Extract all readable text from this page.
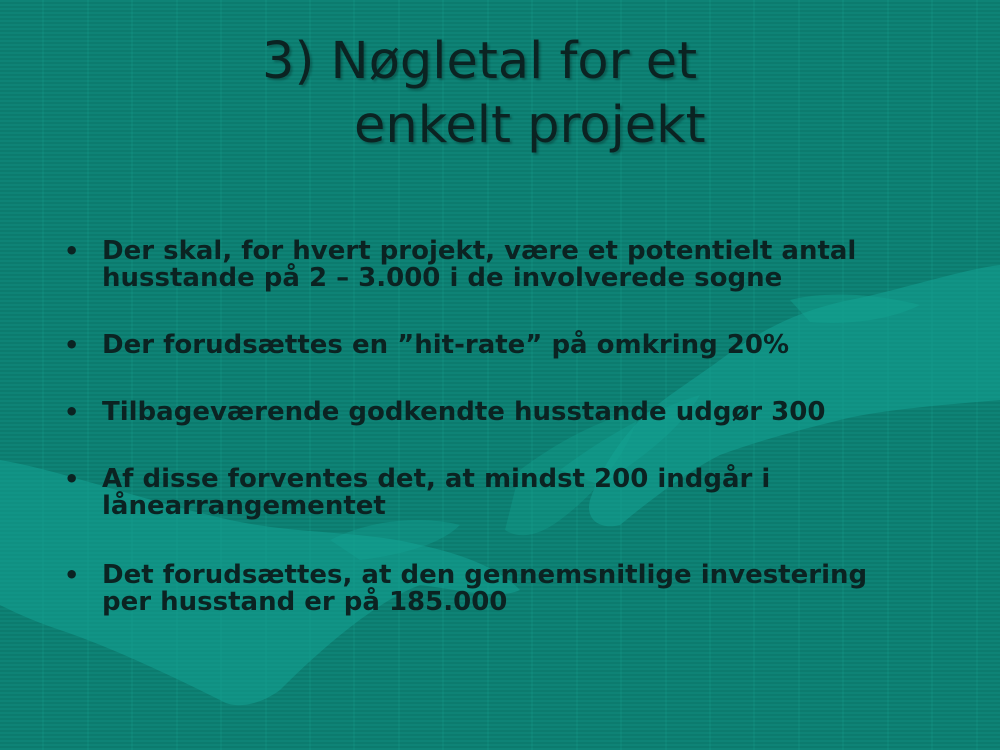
3) Nøgletal for et
enkelt projekt
• Der skal, for hvert projekt, være et potentielt antal
husstande på 2 – 3.000 i de involverede sogne
• Der forudsættes en ”hit-rate” på omkring 20%
• Tilbageværende godkendte husstande udgør 300
• Af disse forventes det, at mindst 200 indgår i
lånearrangementet
• Det forudsættes, at den gennemsnitlige investering
per husstand er på 185.000
